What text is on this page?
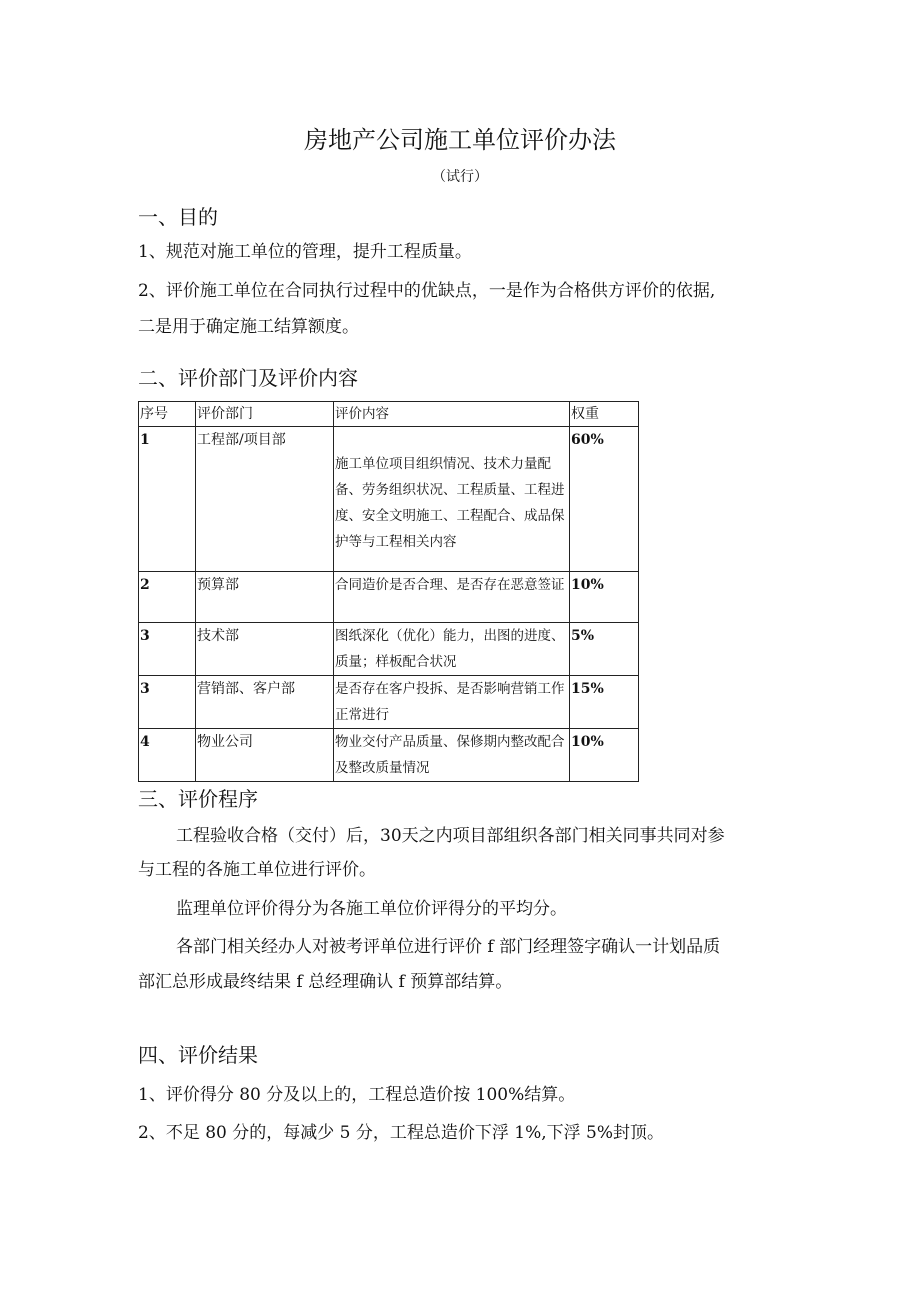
房地产公司施工单位评价办法
（试行）
一、目的
1、规范对施工单位的管理，提升工程质量。
2、评价施工单位在合同执行过程中的优缺点，一是作为合格供方评价的依据,
二是用于确定施工结算额度。
二、评价部门及评价内容
序号	评价部门	评价内容	权重
1	工程部/项目部	施工单位项目组织情况、技术力量配备、劳务组织状况、工程质量、工程进度、安全文明施工、工程配合、成品保护等与工程相关内容	60%
2	预算部	合同造价是否合理、是否存在恶意签证	10%
3	技术部	图纸深化（优化）能力，出图的进度、质量；样板配合状况	5%
3	营销部、客户部	是否存在客户投拆、是否影响营销工作正常进行	15%
4	物业公司	物业交付产品质量、保修期内整改配合及整改质量情况	10%
三、评价程序
工程验收合格（交付）后，30天之内项目部组织各部门相关同事共同对参
与工程的各施工单位进行评价。
监理单位评价得分为各施工单位价评得分的平均分。
各部门相关经办人对被考评单位进行评价 f 部门经理签字确认一计划品质
部汇总形成最终结果 f 总经理确认 f 预算部结算。
四、评价结果
1、评价得分 80 分及以上的，工程总造价按 100%结算。
2、不足 80 分的，每减少 5 分，工程总造价下浮 1%,下浮 5%封顶。
